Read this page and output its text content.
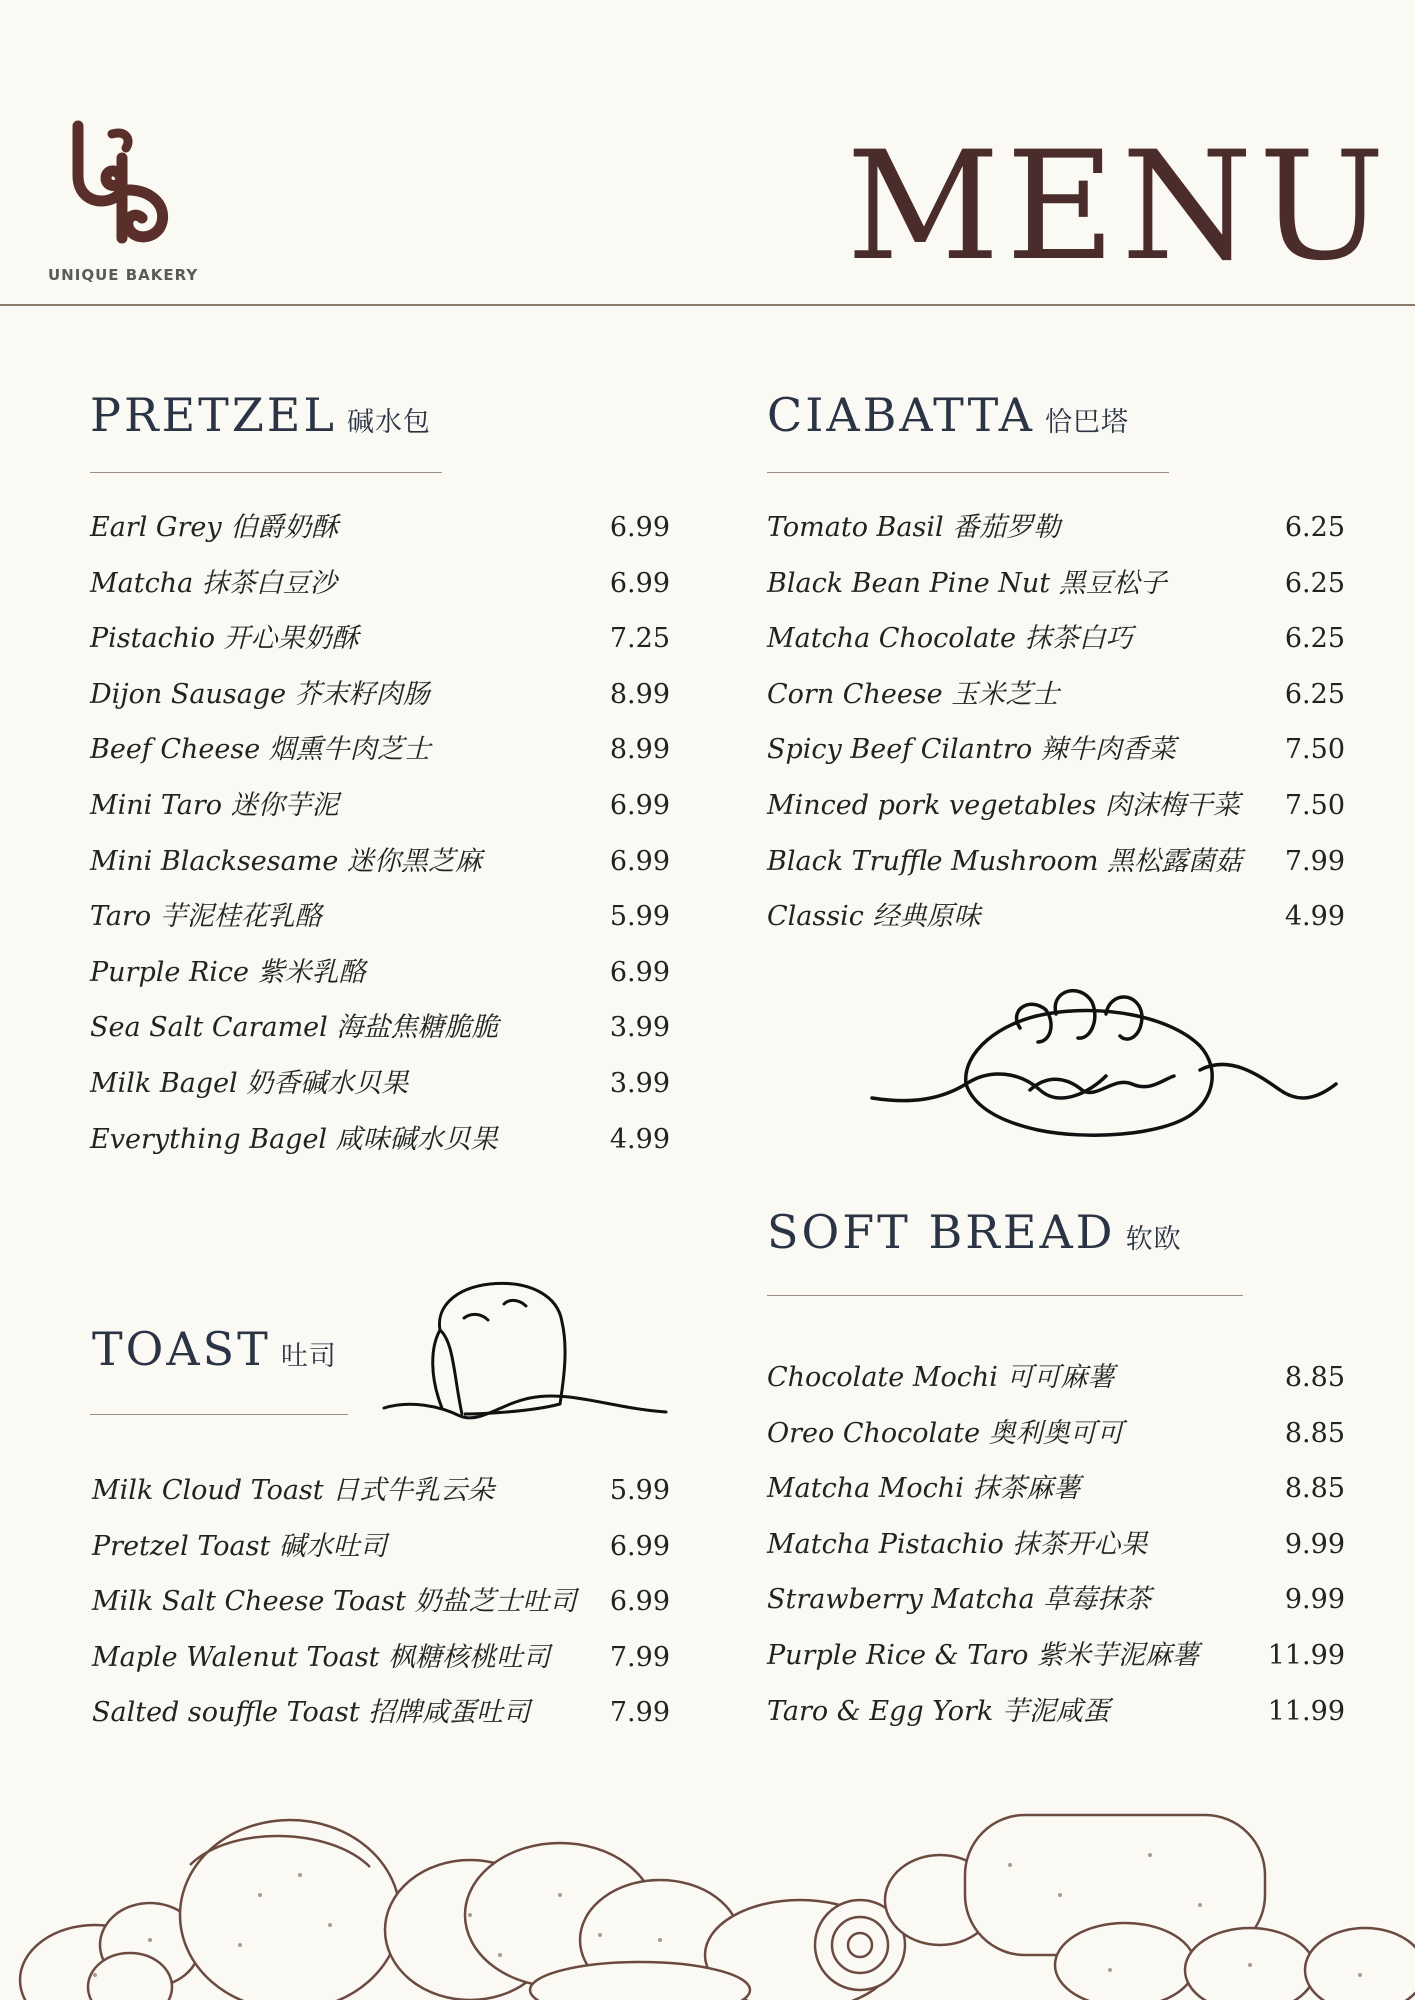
UNIQUE BAKERY	MENU
PRETZEL 碱水包
Earl Grey 伯爵奶酥	6.99
Matcha 抹茶白豆沙	6.99
Pistachio 开心果奶酥	7.25
Dijon Sausage 芥末籽肉肠	8.99
Beef Cheese 烟熏牛肉芝士	8.99
Mini Taro 迷你芋泥	6.99
Mini Blacksesame 迷你黑芝麻	6.99
Taro 芋泥桂花乳酪	5.99
Purple Rice 紫米乳酪	6.99
Sea Salt Caramel 海盐焦糖脆脆	3.99
Milk Bagel 奶香碱水贝果	3.99
Everything Bagel 咸味碱水贝果	4.99
CIABATTA 恰巴塔
Tomato Basil 番茄罗勒	6.25
Black Bean Pine Nut 黑豆松子	6.25
Matcha Chocolate 抹茶白巧	6.25
Corn Cheese 玉米芝士	6.25
Spicy Beef Cilantro 辣牛肉香菜	7.50
Minced pork vegetables 肉沫梅干菜 7.50
Black Truffle Mushroom 黑松露菌菇 7.99
Classic 经典原味	4.99
SOFT BREAD 软欧
Chocolate Mochi 可可麻薯	8.85
Oreo Chocolate 奥利奥可可	8.85
Matcha Mochi 抹茶麻薯	8.85
Matcha Pistachio 抹茶开心果	9.99
Strawberry Matcha 草莓抹茶	9.99
Purple Rice & Taro 紫米芋泥麻薯	11.99
Taro & Egg York 芋泥咸蛋	11.99
TOAST 吐司
Milk Cloud Toast 日式牛乳云朵	5.99
Pretzel Toast 碱水吐司	6.99
Milk Salt Cheese Toast 奶盐芝士吐司 6.99
Maple Walenut Toast 枫糖核桃吐司 7.99
Salted souffle Toast 招牌咸蛋吐司	7.99
